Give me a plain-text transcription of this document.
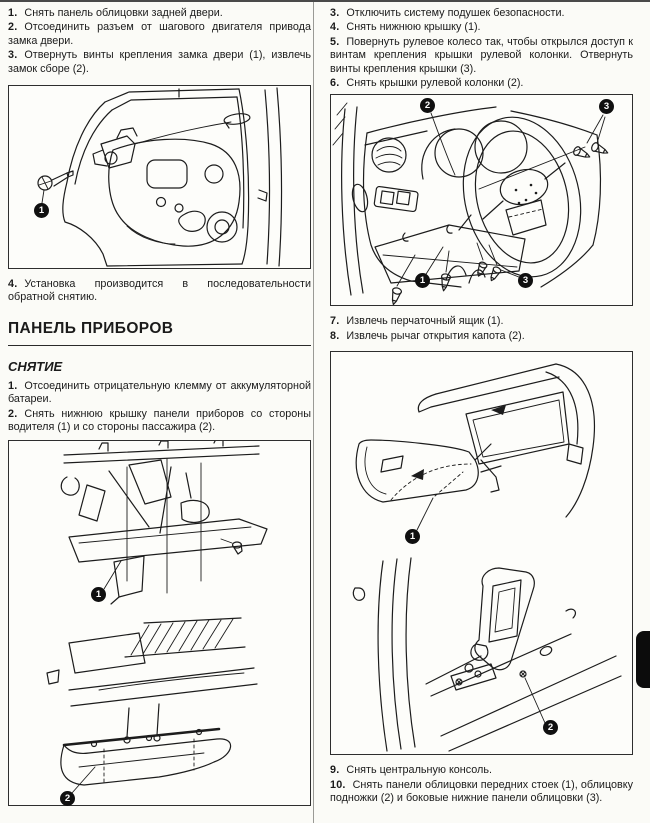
1. Снять панель облицовки задней двери.

2. Отсоединить разъем от шагового двигателя привода замка двери.

3. Отвернуть винты крепления замка двери (1), извлечь замок сборе (2).

1

4. Установка производится в последовательности обратной снятию.

ПАНЕЛЬ ПРИБОРОВ
СНЯТИЕ

1. Отсоединить отрицательную клемму от аккумуляторной батареи.

2. Снять нижнюю крышку панели приборов со стороны водителя (1) и со стороны пассажира (2).

1
2

3. Отключить систему подушек безопасности.

4. Снять нижнюю крышку (1).

5. Повернуть рулевое колесо так, чтобы открылся доступ к винтам крепления крышки рулевой колонки. Отвернуть винты крепления крышки (3).

6. Снять крышки рулевой колонки (2).

2	3
1	3

7. Извлечь перчаточный ящик (1).

8. Извлечь рычаг открытия капота (2).

1
2

9. Снять центральную консоль.

10. Снять панели облицовки передних стоек (1), облицовку подножки (2) и боковые нижние панели облицовки (3).
